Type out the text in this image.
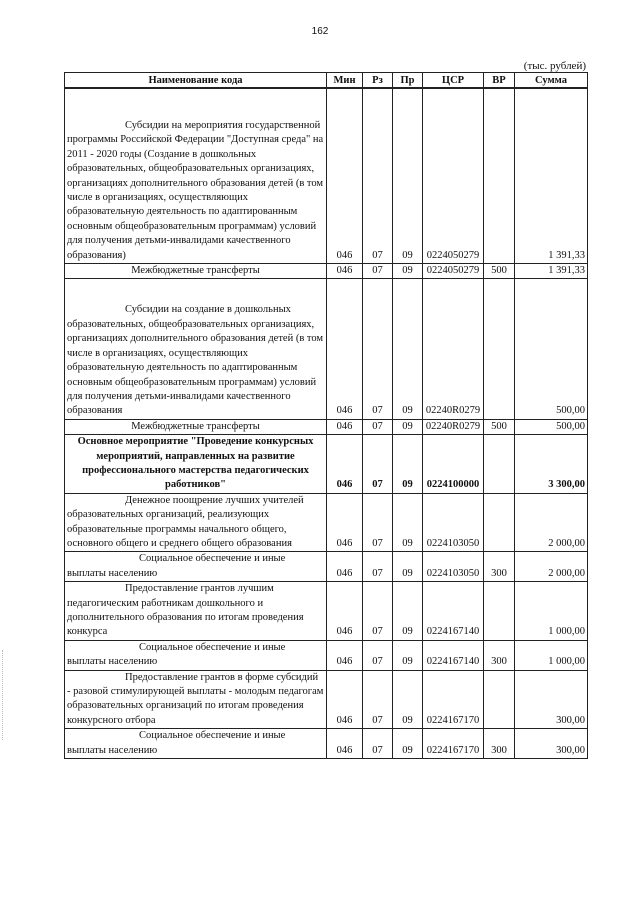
162
(тыс. рублей)
Наименование кода	Мин	Рз	Пр	ЦСР	ВР	Сумма
Субсидии на мероприятия государственной программы Российской Федерации "Доступная среда" на 2011 - 2020 годы (Создание в дошкольных образовательных, общеобразовательных организациях, организациях дополнительного образования детей (в том числе в организациях, осуществляющих образовательную деятельность по адаптированным основным общеобразовательным программам) условий для получения детьми-инвалидами качественного образования)	046	07	09	0224050279		1 391,33
Межбюджетные трансферты	046	07	09	0224050279	500	1 391,33
Субсидии на создание в дошкольных образовательных, общеобразовательных организациях, организациях дополнительного образования детей (в том числе в организациях, осуществляющих образовательную деятельность по адаптированным основным общеобразовательным программам) условий для получения детьми-инвалидами качественного образования	046	07	09	02240R0279		500,00
Межбюджетные трансферты	046	07	09	02240R0279	500	500,00
Основное мероприятие "Проведение конкурсных мероприятий, направленных на развитие профессионального мастерства педагогических работников"	046	07	09	0224100000		3 300,00
Денежное поощрение лучших учителей образовательных организаций, реализующих образовательные программы начального общего, основного общего и среднего общего образования	046	07	09	0224103050		2 000,00
Социальное обеспечение и иные выплаты населению	046	07	09	0224103050	300	2 000,00
Предоставление грантов лучшим педагогическим работникам дошкольного и дополнительного образования по итогам проведения конкурса	046	07	09	0224167140		1 000,00
Социальное обеспечение и иные выплаты населению	046	07	09	0224167140	300	1 000,00
Предоставление грантов в форме субсидий - разовой стимулирующей выплаты - молодым педагогам образовательных организаций по итогам проведения конкурсного отбора	046	07	09	0224167170		300,00
Социальное обеспечение и иные выплаты населению	046	07	09	0224167170	300	300,00
